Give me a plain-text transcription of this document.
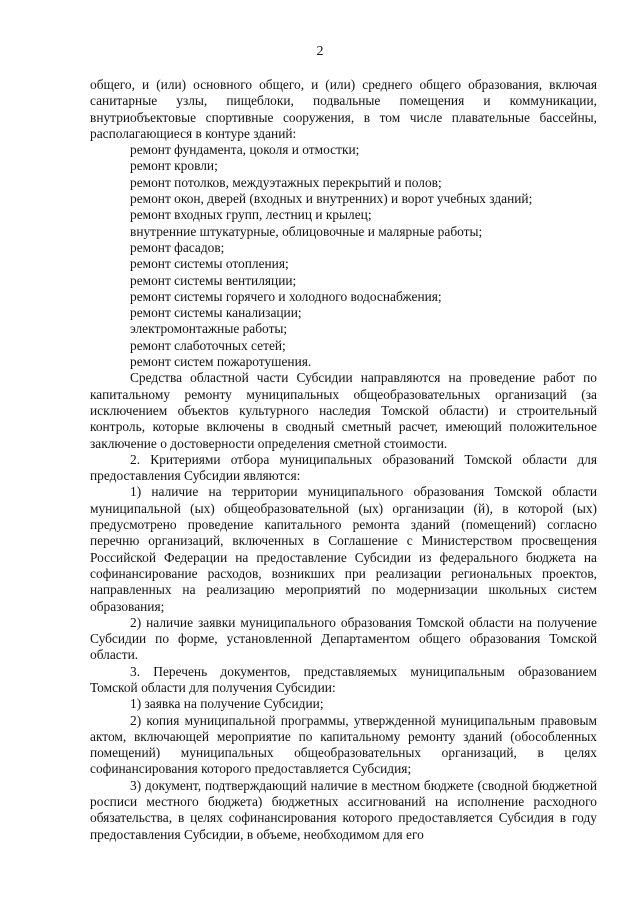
2

общего, и (или) основного общего, и (или) среднего общего образования, включая санитарные узлы, пищеблоки, подвальные помещения и коммуникации, внутриобъектовые спортивные сооружения, в том числе плавательные бассейны, располагающиеся в контуре зданий:

ремонт фундамента, цоколя и отмостки;
ремонт кровли;
ремонт потолков, междуэтажных перекрытий и полов;
ремонт окон, дверей (входных и внутренних) и ворот учебных зданий;
ремонт входных групп, лестниц и крылец;
внутренние штукатурные, облицовочные и малярные работы;
ремонт фасадов;
ремонт системы отопления;
ремонт системы вентиляции;
ремонт системы горячего и холодного водоснабжения;
ремонт системы канализации;
электромонтажные работы;
ремонт слаботочных сетей;
ремонт систем пожаротушения.

Средства областной части Субсидии направляются на проведение работ по капитальному ремонту муниципальных общеобразовательных организаций (за исключением объектов культурного наследия Томской области) и строительный контроль, которые включены в сводный сметный расчет, имеющий положительное заключение о достоверности определения сметной стоимости.

2. Критериями отбора муниципальных образований Томской области для предоставления Субсидии являются:

1) наличие на территории муниципального образования Томской области муниципальной (ых) общеобразовательной (ых) организации (й), в которой (ых) предусмотрено проведение капитального ремонта зданий (помещений) согласно перечню организаций, включенных в Соглашение с Министерством просвещения Российской Федерации на предоставление Субсидии из федерального бюджета на софинансирование расходов, возникших при реализации региональных проектов, направленных на реализацию мероприятий по модернизации школьных систем образования;

2) наличие заявки муниципального образования Томской области на получение Субсидии по форме, установленной Департаментом общего образования Томской области.

3. Перечень документов, представляемых муниципальным образованием Томской области для получения Субсидии:

1) заявка на получение Субсидии;

2) копия муниципальной программы, утвержденной муниципальным правовым актом, включающей мероприятие по капитальному ремонту зданий (обособленных помещений) муниципальных общеобразовательных организаций, в целях софинансирования которого предоставляется Субсидия;

3) документ, подтверждающий наличие в местном бюджете (сводной бюджетной росписи местного бюджета) бюджетных ассигнований на исполнение расходного обязательства, в целях софинансирования которого предоставляется Субсидия в году предоставления Субсидии, в объеме, необходимом для его
